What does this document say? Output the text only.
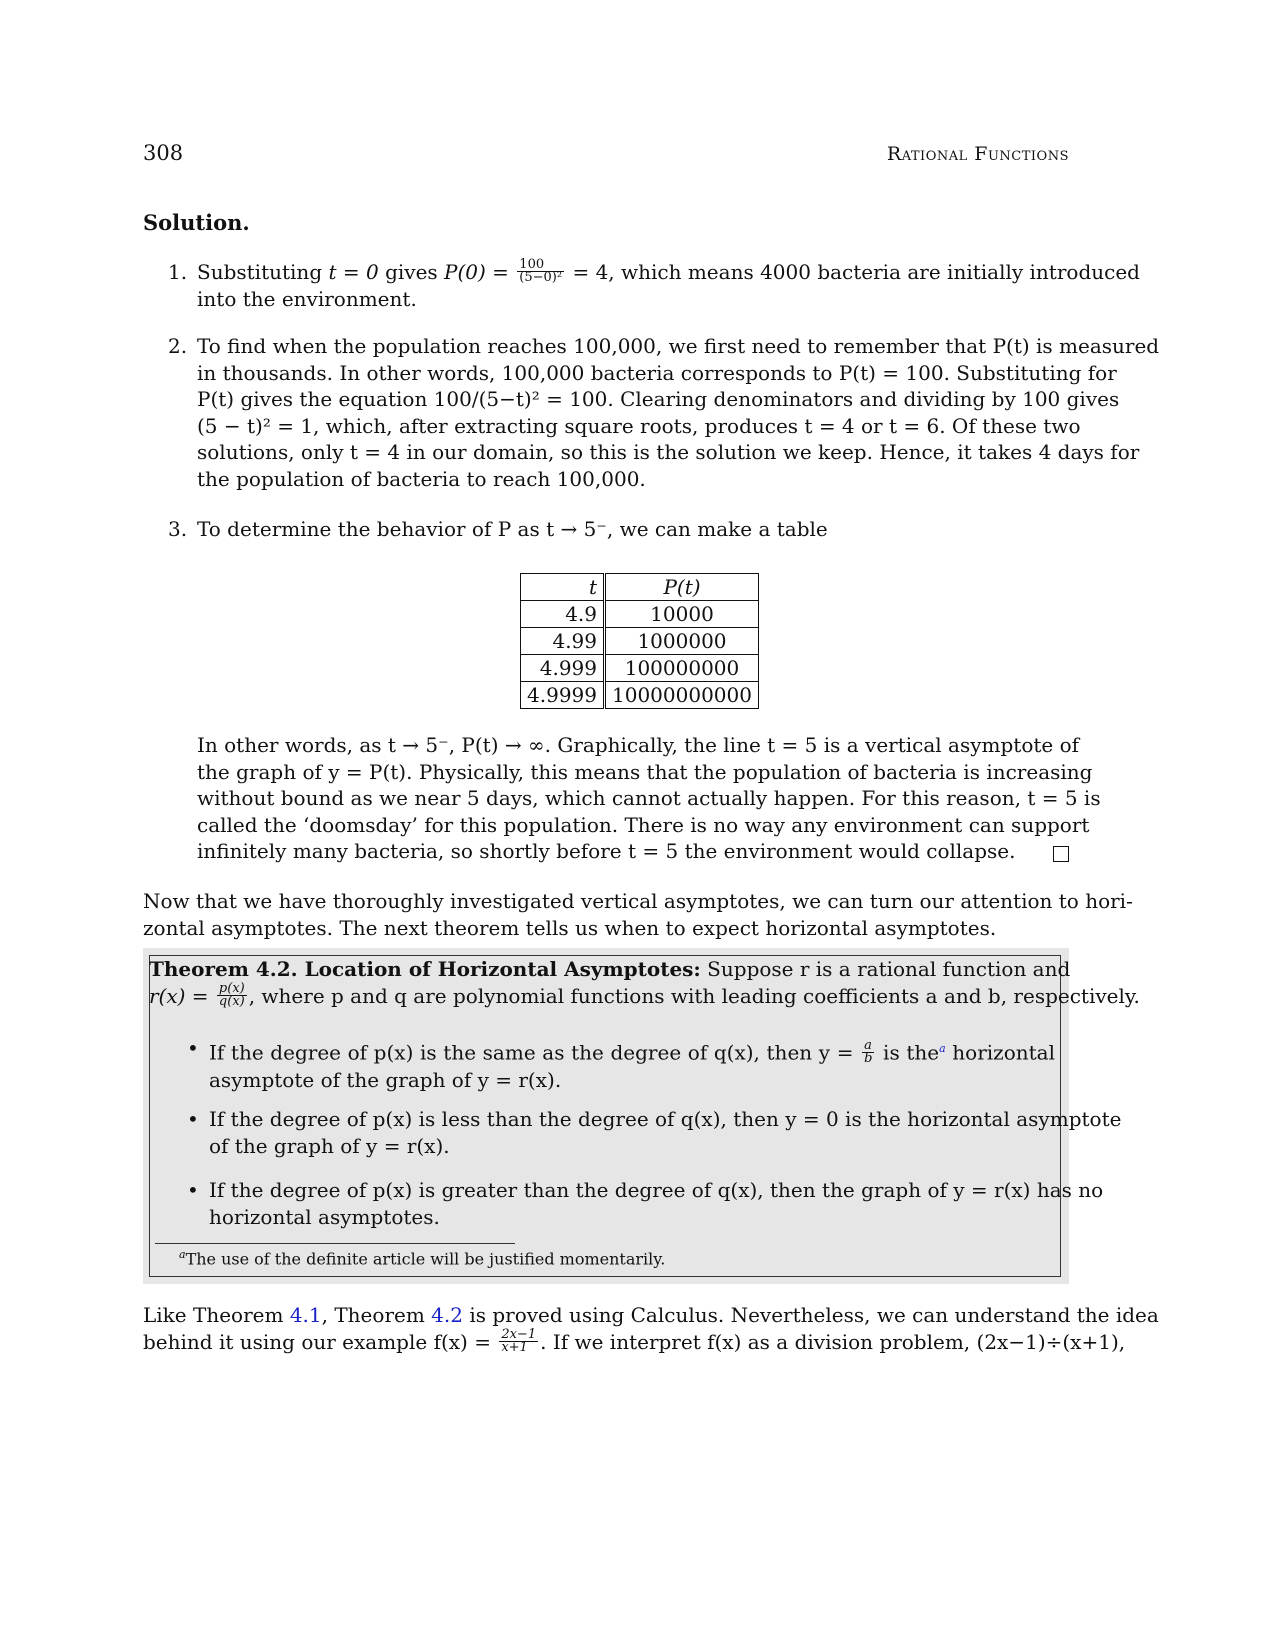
308	Rational Functions
Solution.
1. Substituting t = 0 gives $P(0) = \frac{100}{\text{(5−0)²}} = 4$, which means 4000 bacteria are initially introduced
into the environment.
2. To find when the population reaches 100,000, we first need to remember that P(t) is measured
in thousands. In other words, 100,000 bacteria corresponds to P(t) = 100. Substituting for
P(t) gives the equation 100/(5−t)² = 100. Clearing denominators and dividing by 100 gives
(5 − t)² = 1, which, after extracting square roots, produces t = 4 or t = 6. Of these two
solutions, only t = 4 in our domain, so this is the solution we keep. Hence, it takes 4 days for
the population of bacteria to reach 100,000.
3. To determine the behavior of P as t → 5⁻, we can make a table
t	P(t)
4.9	10000
4.99	1000000
4.999	100000000
4.9999	10000000000
In other words, as t → 5⁻, P(t) → ∞. Graphically, the line t = 5 is a vertical asymptote of
the graph of y = P(t). Physically, this means that the population of bacteria is increasing
without bound as we near 5 days, which cannot actually happen. For this reason, t = 5 is
called the ‘doomsday’ for this population. There is no way any environment can support
infinitely many bacteria, so shortly before t = 5 the environment would collapse.
Now that we have thoroughly investigated vertical asymptotes, we can turn our attention to hori-
zontal asymptotes. The next theorem tells us when to expect horizontal asymptotes.
Theorem 4.2. Location of Horizontal Asymptotes: Suppose r is a rational function and
$r(x) = \frac{p(x)}{q(x)}$ , where p and q are polynomial functions with leading coefficients a and b, respectively.
• If the degree of p(x) is the same as the degree of q(x), then $y = \frac{a}{b}$ is the$^a$ horizontal
asymptote of the graph of y = r(x).
• If the degree of p(x) is less than the degree of q(x), then y = 0 is the horizontal asymptote
of the graph of y = r(x).
• If the degree of p(x) is greater than the degree of q(x), then the graph of y = r(x) has no
horizontal asymptotes.
$^a$The use of the definite article will be justified momentarily.
Like Theorem 4.1, Theorem 4.2 is proved using Calculus. Nevertheless, we can understand the idea
behind it using our example $f(x) = \frac{2x-1}{x+1}$ . If we interpret f(x) as a division problem, (2x−1)÷(x+1),
